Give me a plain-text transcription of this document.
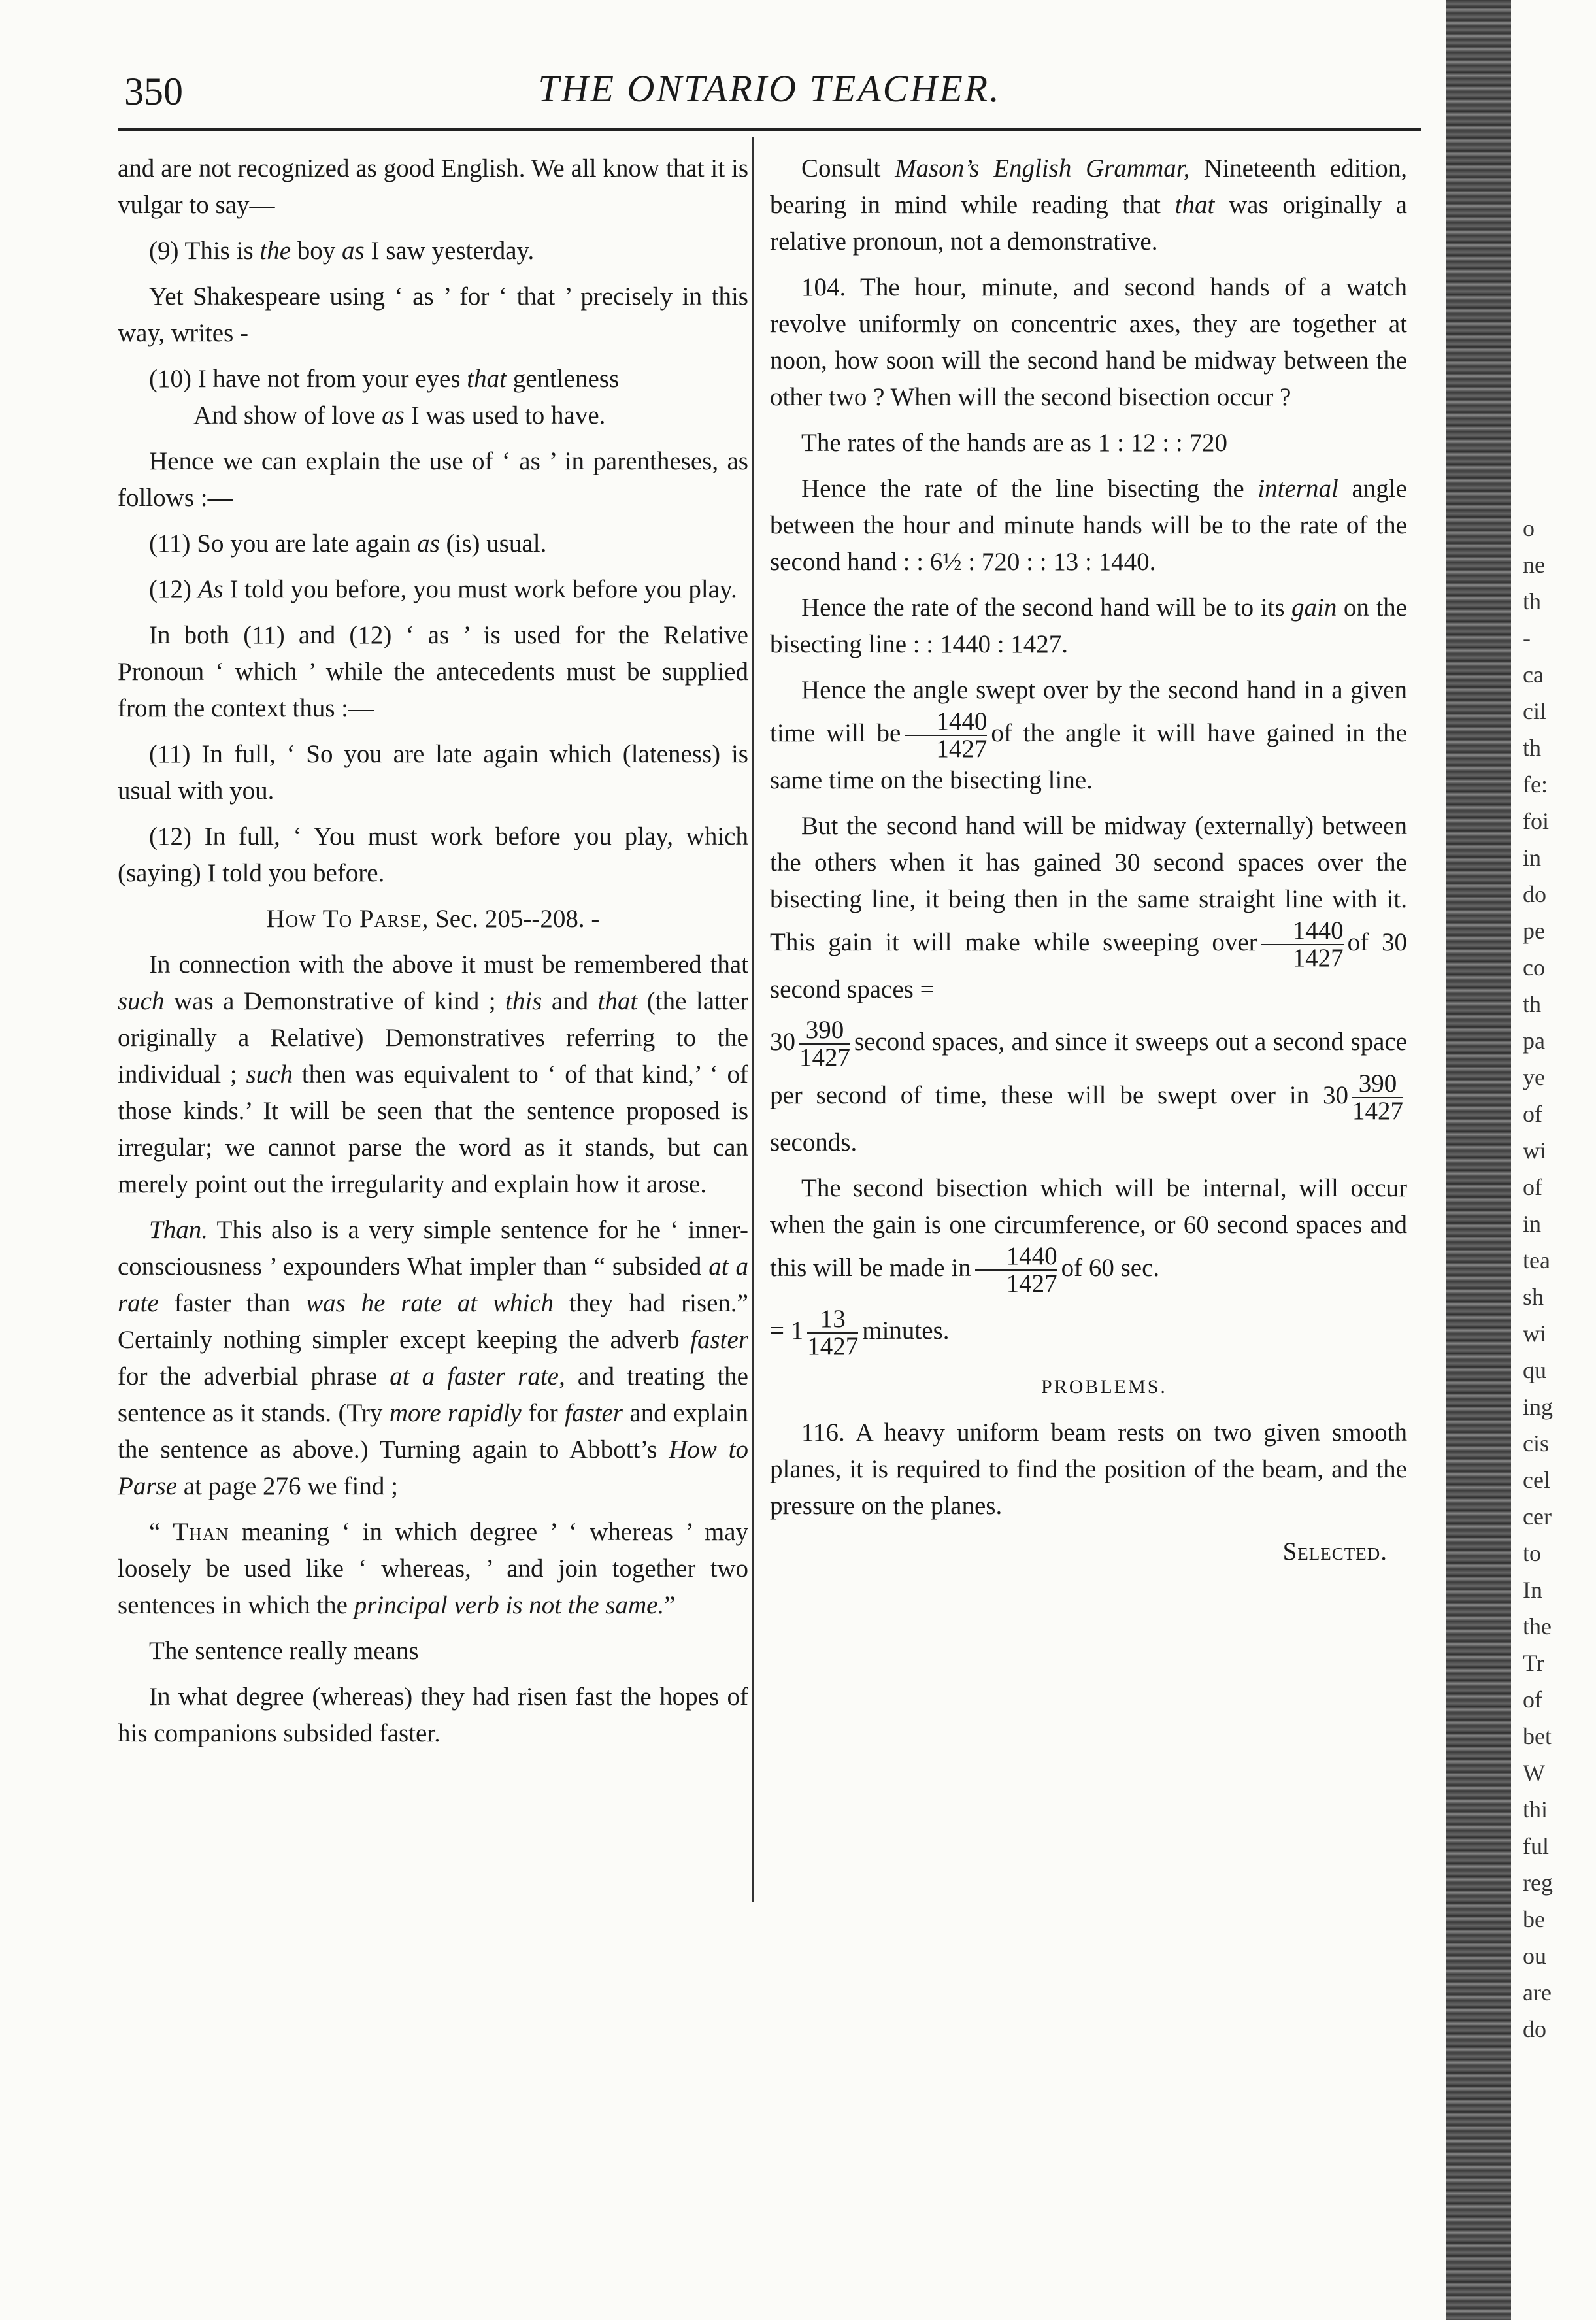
350	THE ONTARIO TEACHER.

and are not recognized as good English. We all know that it is vulgar to say—

(9) This is the boy as I saw yesterday.

Yet Shakespeare using ‘ as ’ for ‘ that ’ precisely in this way, writes -

(10) I have not from your eyes that gentleness
And show of love as I was used to have.

Hence we can explain the use of ‘ as ’ in parentheses, as follows :—

(11) So you are late again as (is) usual.

(12) As I told you before, you must work before you play.

In both (11) and (12) ‘ as ’ is used for the Relative Pronoun ‘ which ’ while the antecedents must be supplied from the context thus :—

(11) In full, ‘ So you are late again which (lateness) is usual with you.

(12) In full, ‘ You must work before you play, which (saying) I told you before.

How To Parse, Sec. 205--208. -

In connection with the above it must be remembered that such was a Demonstrative of kind ; this and that (the latter originally a Relative) Demonstratives referring to the individual ; such then was equivalent to ‘ of that kind,’ ‘ of those kinds.’ It will be seen that the sentence proposed is irregular; we cannot parse the word as it stands, but can merely point out the irregularity and explain how it arose.

Than. This also is a very simple sentence for he ‘ inner-consciousness ’ expounders What impler than “ subsided at a rate faster than was he rate at which they had risen.” Certainly nothing simpler except keeping the adverb faster for the adverbial phrase at a faster rate, and treating the sentence as it stands. (Try more rapidly for faster and explain the sentence as above.) Turning again to Abbott’s How to Parse at page 276 we find ;

“ Than meaning ‘ in which degree ’ ‘ whereas ’ may loosely be used like ‘ whereas, ’ and join together two sentences in which the principal verb is not the same.”

The sentence really means

In what degree (whereas) they had risen fast the hopes of his companions subsided faster.

Consult Mason’s English Grammar, Nineteenth edition, bearing in mind while reading that that was originally a relative pronoun, not a demonstrative.

104. The hour, minute, and second hands of a watch revolve uniformly on concentric axes, they are together at noon, how soon will the second hand be midway between the other two ? When will the second bisection occur ?

The rates of the hands are as 1 : 12 : : 720

Hence the rate of the line bisecting the internal angle between the hour and minute hands will be to the rate of the second hand : : 6½ : 720 : : 13 : 1440.

Hence the rate of the second hand will be to its gain on the bisecting line : : 1440 : 1427.

Hence the angle swept over by the second hand in a given time will be $\frac{1440}{1427}$ of the angle it will have gained in the same time on the bisecting line.

But the second hand will be midway (externally) between the others when it has gained 30 second spaces over the bisecting line, it being then in the same straight line with it. This gain it will make while sweeping over $\frac{1440}{1427}$ of 30 second spaces =

$30 \frac{390}{1427}$ second spaces, and since it sweeps out a second space per second of time, these will be swept over in $30 \frac{390}{1427}$
seconds.

The second bisection which will be internal, will occur when the gain is one circumference, or 60 second spaces and this will be made in $\frac{1440}{1427}$ of 60 sec.

= $1 \frac{13}{1427}$ minutes.

PROBLEMS.

116. A heavy uniform beam rests on two given smooth planes, it is required to find the position of the beam, and the pressure on the planes.

Selected.

o
ne
th
-
ca
cil
th
fe:
foi
in
do
pe
co
th
pa
ye
of
wi
of
in
tea
sh
wi
qu
ing
cis
cel
cer
to
In
the
Tr
of
bet
W
thi
ful
reg
be
ou
are
do
